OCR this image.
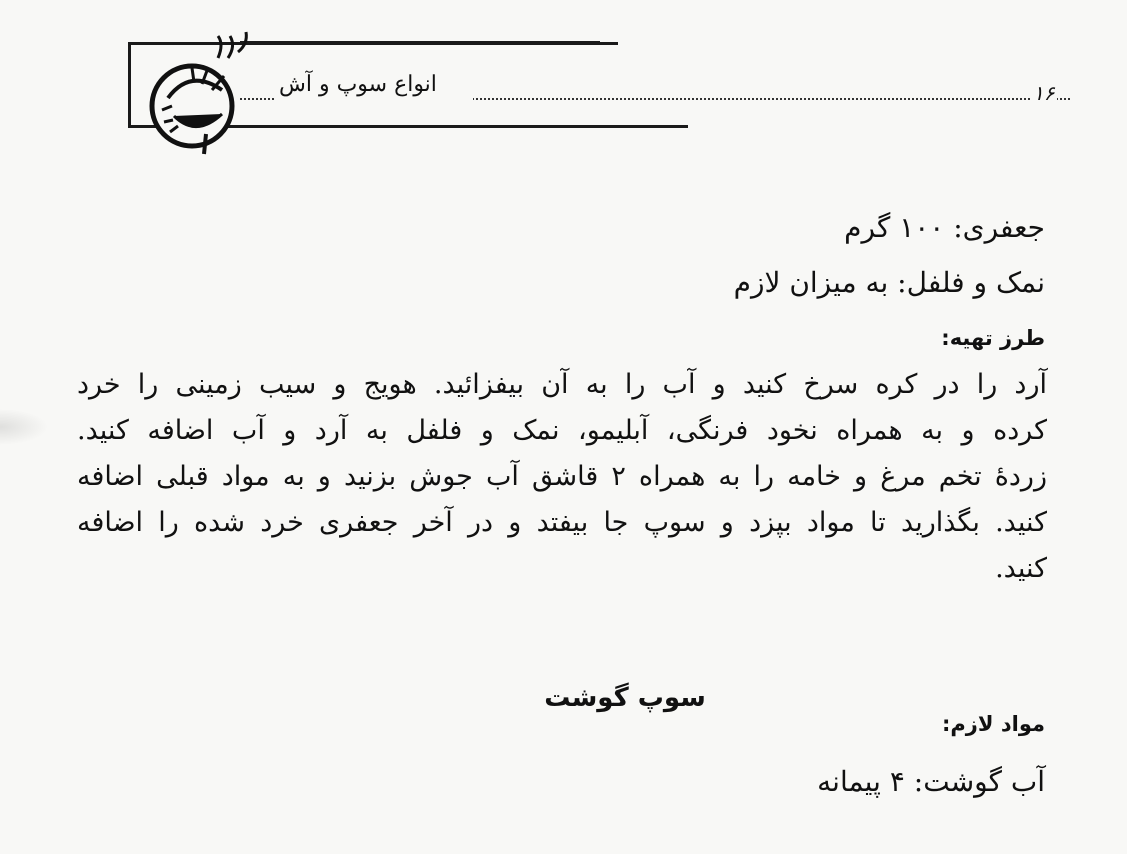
انواع سوپ و آش	۱۶
جعفری: ۱۰۰ گرم
نمک و فلفل: به میزان لازم
طرز تهیه:
آرد را در کره سرخ کنید و آب را به آن بیفزائید. هویج و سیب زمینی را خرد
کرده و به همراه نخود فرنگی، آبلیمو، نمک و فلفل به آرد و آب اضافه کنید.
زردهٔ تخم مرغ و خامه را به همراه ۲ قاشق آب جوش بزنید و به مواد قبلی اضافه
کنید. بگذارید تا مواد بپزد و سوپ جا بیفتد و در آخر جعفری خرد شده را اضافه
کنید.
سوپ گوشت
مواد لازم:
آب گوشت: ۴ پیمانه
